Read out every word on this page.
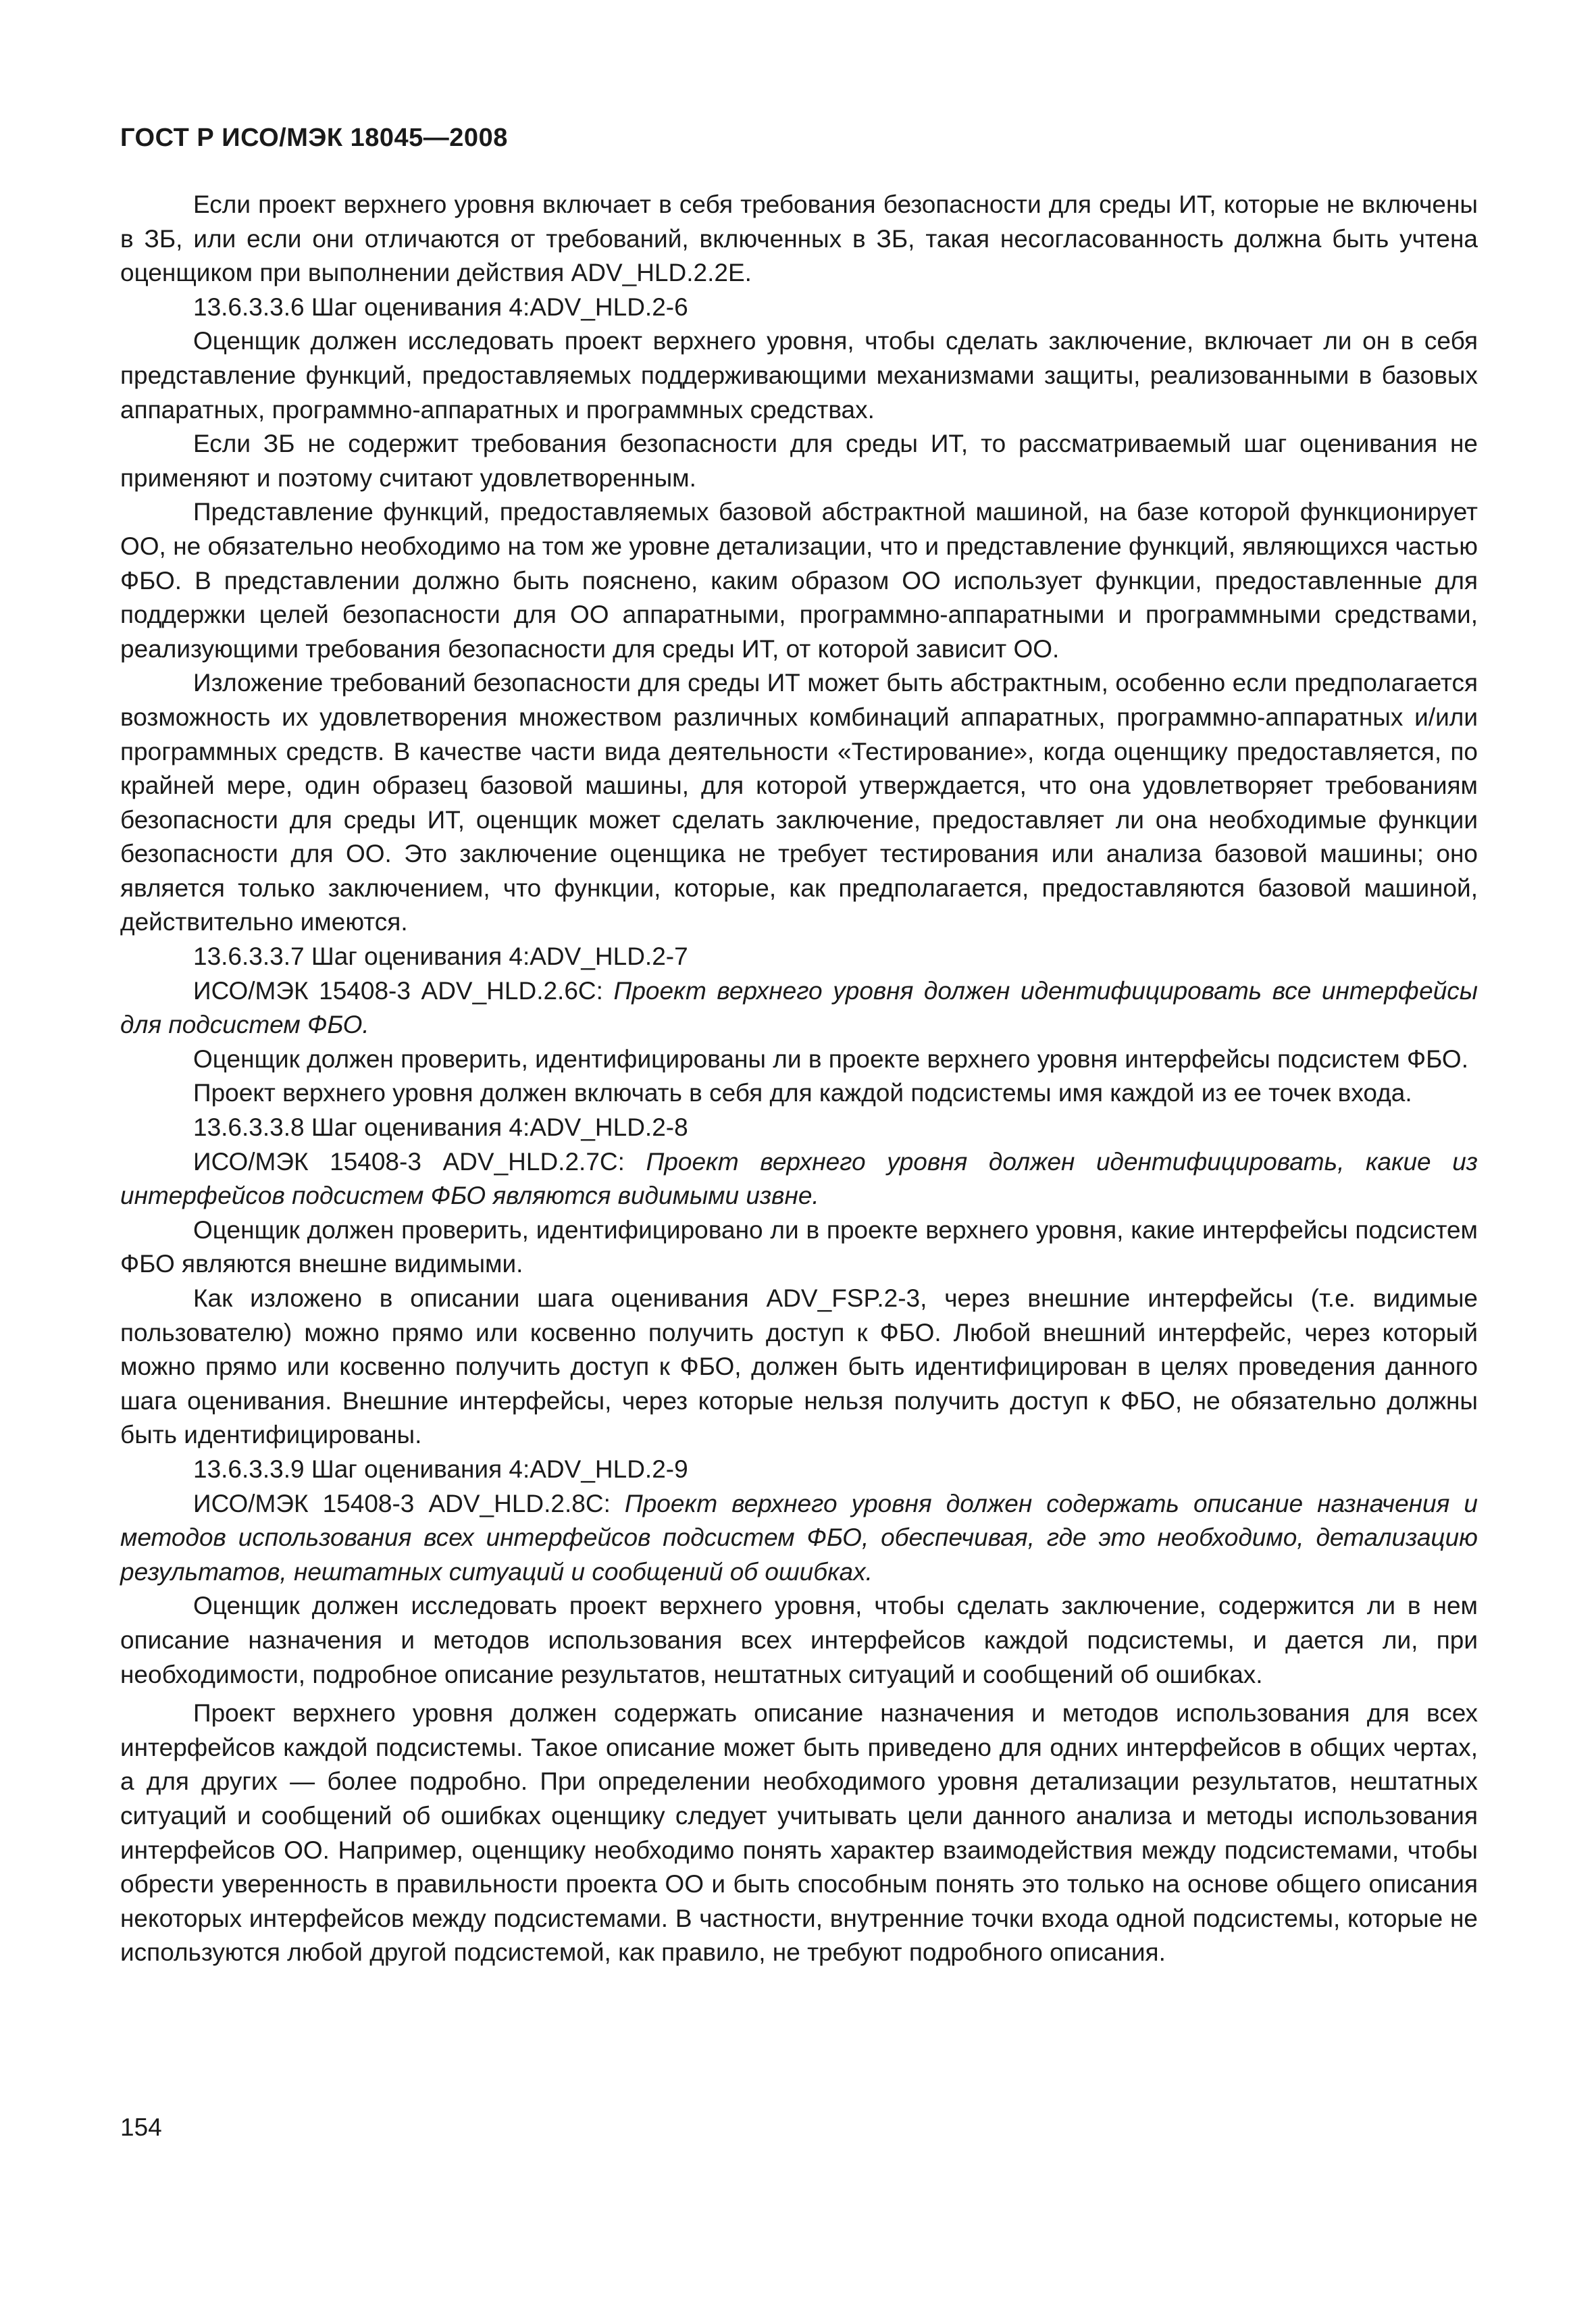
ГОСТ Р ИСО/МЭК 18045—2008

Если проект верхнего уровня включает в себя требования безопасности для среды ИТ, которые не включены в ЗБ, или если они отличаются от требований, включенных в ЗБ, такая несогласованность должна быть учтена оценщиком при выполнении действия ADV_HLD.2.2E.

13.6.3.3.6 Шаг оценивания 4:ADV_HLD.2-6

Оценщик должен исследовать проект верхнего уровня, чтобы сделать заключение, включает ли он в себя представление функций, предоставляемых поддерживающими механизмами защиты, реализованными в базовых аппаратных, программно-аппаратных и программных средствах.

Если ЗБ не содержит требования безопасности для среды ИТ, то рассматриваемый шаг оценивания не применяют и поэтому считают удовлетворенным.

Представление функций, предоставляемых базовой абстрактной машиной, на базе которой функционирует ОО, не обязательно необходимо на том же уровне детализации, что и представление функций, являющихся частью ФБО. В представлении должно быть пояснено, каким образом ОО использует функции, предоставленные для поддержки целей безопасности для ОО аппаратными, программно-аппаратными и программными средствами, реализующими требования безопасности для среды ИТ, от которой зависит ОО.

Изложение требований безопасности для среды ИТ может быть абстрактным, особенно если предполагается возможность их удовлетворения множеством различных комбинаций аппаратных, программно-аппаратных и/или программных средств. В качестве части вида деятельности «Тестирование», когда оценщику предоставляется, по крайней мере, один образец базовой машины, для которой утверждается, что она удовлетворяет требованиям безопасности для среды ИТ, оценщик может сделать заключение, предоставляет ли она необходимые функции безопасности для ОО. Это заключение оценщика не требует тестирования или анализа базовой машины; оно является только заключением, что функции, которые, как предполагается, предоставляются базовой машиной, действительно имеются.

13.6.3.3.7 Шаг оценивания 4:ADV_HLD.2-7

ИСО/МЭК 15408-3 ADV_HLD.2.6C: Проект верхнего уровня должен идентифицировать все интерфейсы для подсистем ФБО.

Оценщик должен проверить, идентифицированы ли в проекте верхнего уровня интерфейсы подсистем ФБО.

Проект верхнего уровня должен включать в себя для каждой подсистемы имя каждой из ее точек входа.

13.6.3.3.8 Шаг оценивания 4:ADV_HLD.2-8

ИСО/МЭК 15408-3 ADV_HLD.2.7C: Проект верхнего уровня должен идентифицировать, какие из интерфейсов подсистем ФБО являются видимыми извне.

Оценщик должен проверить, идентифицировано ли в проекте верхнего уровня, какие интерфейсы подсистем ФБО являются внешне видимыми.

Как изложено в описании шага оценивания ADV_FSP.2-3, через внешние интерфейсы (т.е. видимые пользователю) можно прямо или косвенно получить доступ к ФБО. Любой внешний интерфейс, через который можно прямо или косвенно получить доступ к ФБО, должен быть идентифицирован в целях проведения данного шага оценивания. Внешние интерфейсы, через которые нельзя получить доступ к ФБО, не обязательно должны быть идентифицированы.

13.6.3.3.9 Шаг оценивания 4:ADV_HLD.2-9

ИСО/МЭК 15408-3 ADV_HLD.2.8C: Проект верхнего уровня должен содержать описание назначения и методов использования всех интерфейсов подсистем ФБО, обеспечивая, где это необходимо, детализацию результатов, нештатных ситуаций и сообщений об ошибках.

Оценщик должен исследовать проект верхнего уровня, чтобы сделать заключение, содержится ли в нем описание назначения и методов использования всех интерфейсов каждой подсистемы, и дается ли, при необходимости, подробное описание результатов, нештатных ситуаций и сообщений об ошибках.

Проект верхнего уровня должен содержать описание назначения и методов использования для всех интерфейсов каждой подсистемы. Такое описание может быть приведено для одних интерфейсов в общих чертах, а для других — более подробно. При определении необходимого уровня детализации результатов, нештатных ситуаций и сообщений об ошибках оценщику следует учитывать цели данного анализа и методы использования интерфейсов ОО. Например, оценщику необходимо понять характер взаимодействия между подсистемами, чтобы обрести уверенность в правильности проекта ОО и быть способным понять это только на основе общего описания некоторых интерфейсов между подсистемами. В частности, внутренние точки входа одной подсистемы, которые не используются любой другой подсистемой, как правило, не требуют подробного описания.

154
